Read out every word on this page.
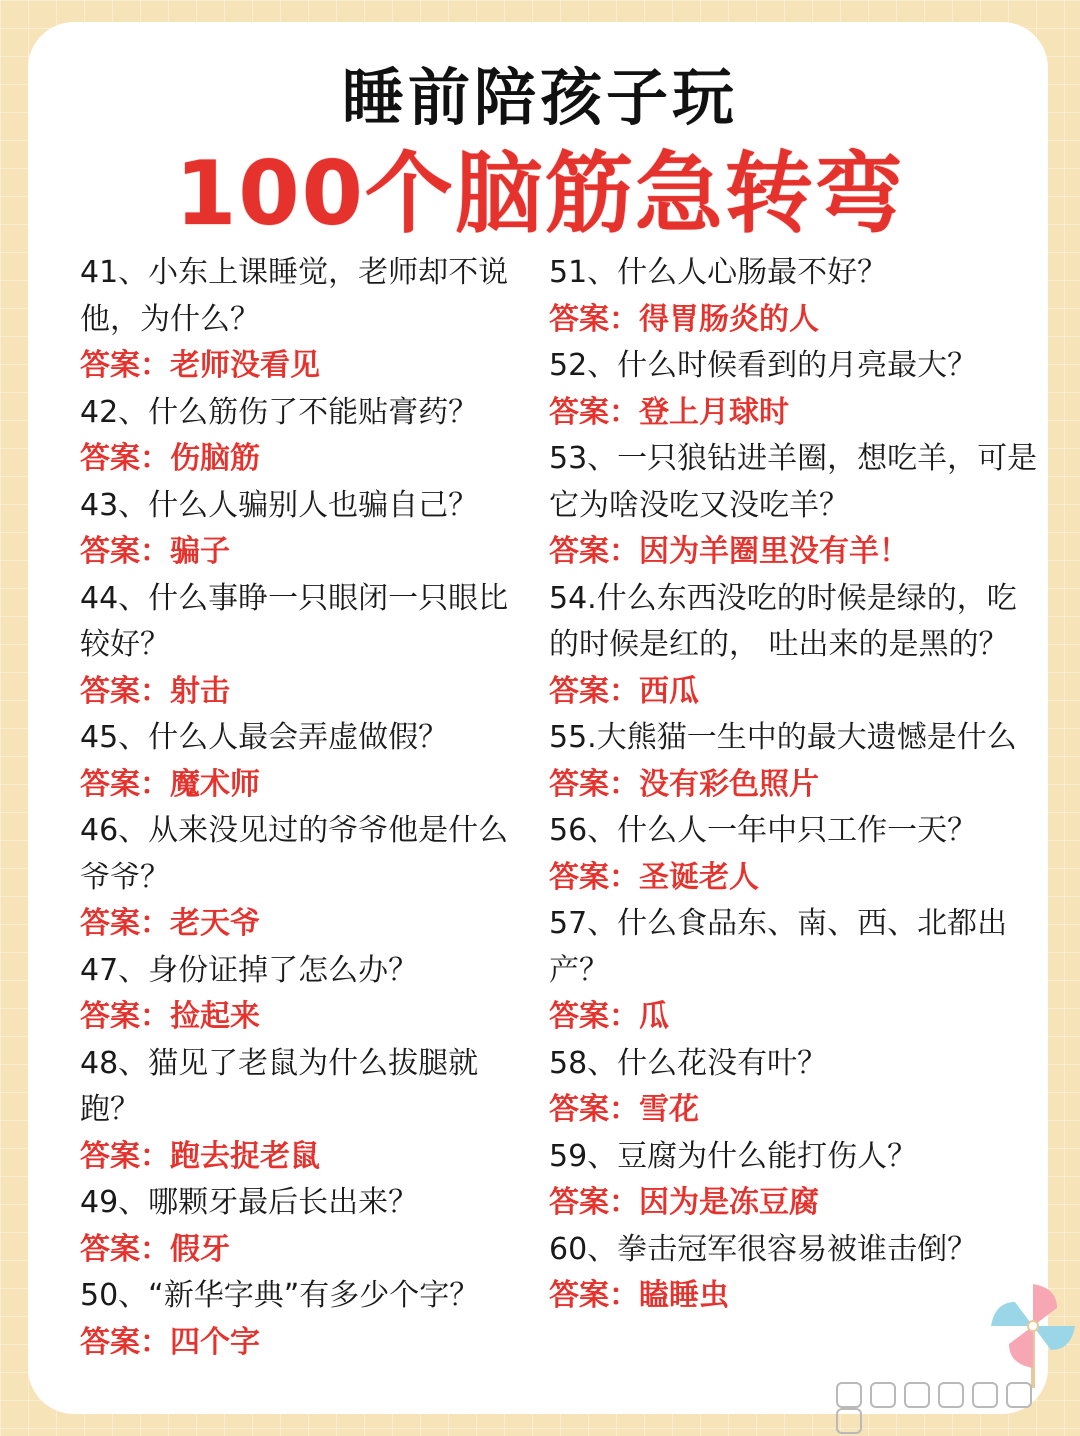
睡前陪孩子玩
100个脑筋急转弯
41、小东上课睡觉，老师却不说他，为什么？
答案：老师没看见
42、什么筋伤了不能贴膏药？
答案：伤脑筋
43、什么人骗别人也骗自己？
答案：骗子
44、什么事睁一只眼闭一只眼比较好？
答案：射击
45、什么人最会弄虚做假？
答案：魔术师
46、从来没见过的爷爷他是什么爷爷？
答案：老天爷
47、身份证掉了怎么办？
答案：捡起来
48、猫见了老鼠为什么拔腿就跑？
答案：跑去捉老鼠
49、哪颗牙最后长出来？
答案：假牙
50、“新华字典”有多少个字？
答案：四个字
51、什么人心肠最不好？
答案：得胃肠炎的人
52、什么时候看到的月亮最大？
答案：登上月球时
53、一只狼钻进羊圈，想吃羊，可是它为啥没吃又没吃羊？
答案：因为羊圈里没有羊！
54.什么东西没吃的时候是绿的，吃的时候是红的， 吐出来的是黑的？
答案：西瓜
55.大熊猫一生中的最大遗憾是什么
答案：没有彩色照片
56、什么人一年中只工作一天？
答案：圣诞老人
57、什么食品东、南、西、北都出产？
答案：瓜
58、什么花没有叶？
答案：雪花
59、豆腐为什么能打伤人？
答案：因为是冻豆腐
60、拳击冠军很容易被谁击倒？
答案：瞌睡虫
